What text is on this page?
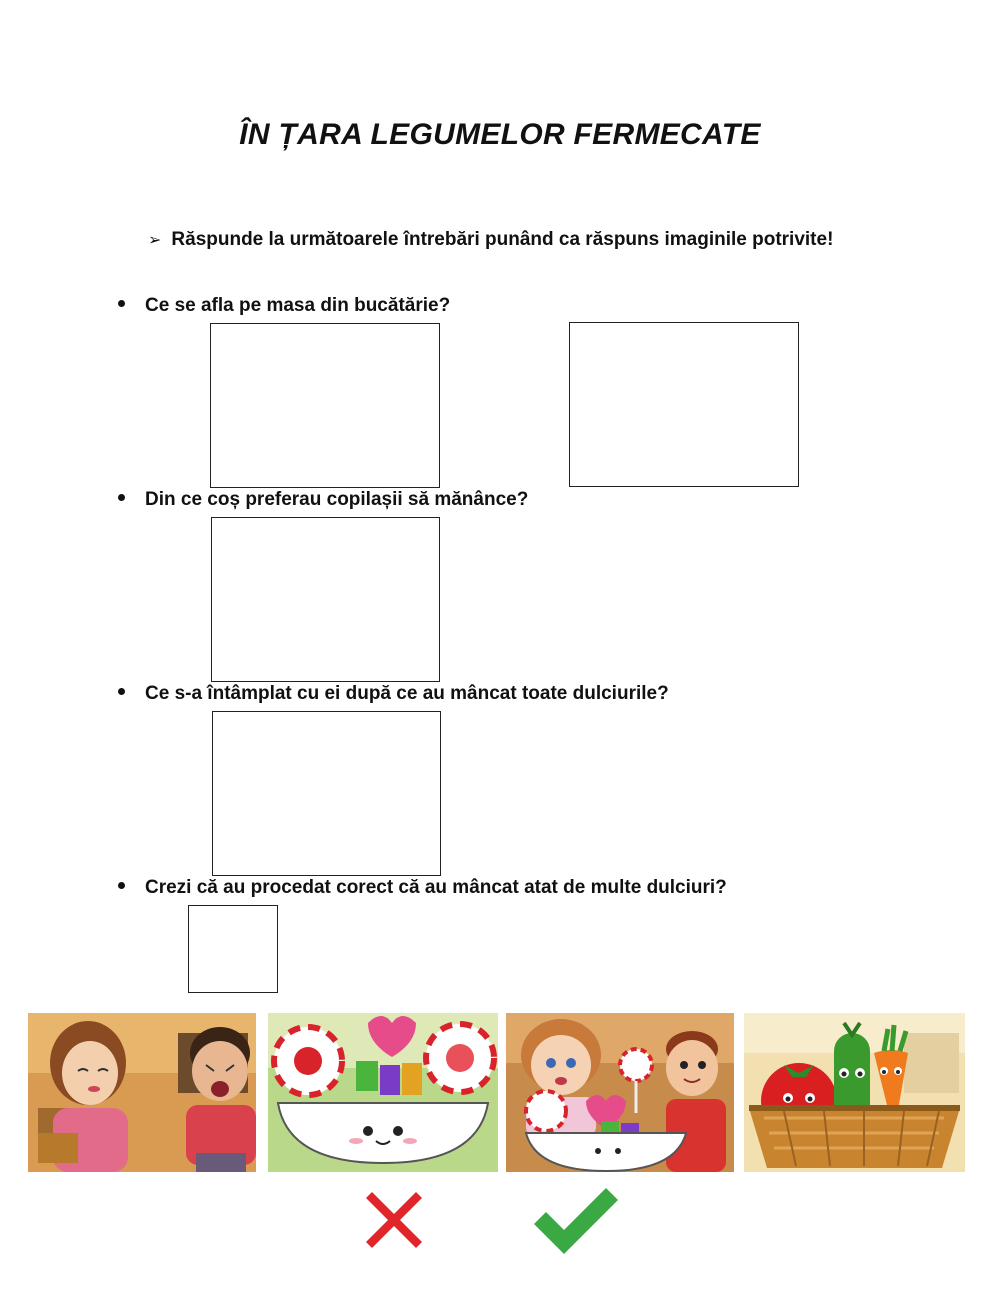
ÎN ȚARA LEGUMELOR FERMECATE
➢ Răspunde la următoarele întrebări punând ca răspuns imaginile potrivite!
Ce se afla pe masa din bucătărie?
Din ce coș preferau copilașii să mănânce?
Ce s-a întâmplat cu ei după ce au mâncat toate dulciurile?
Crezi că au procedat corect că au mâncat atat de multe dulciuri?
